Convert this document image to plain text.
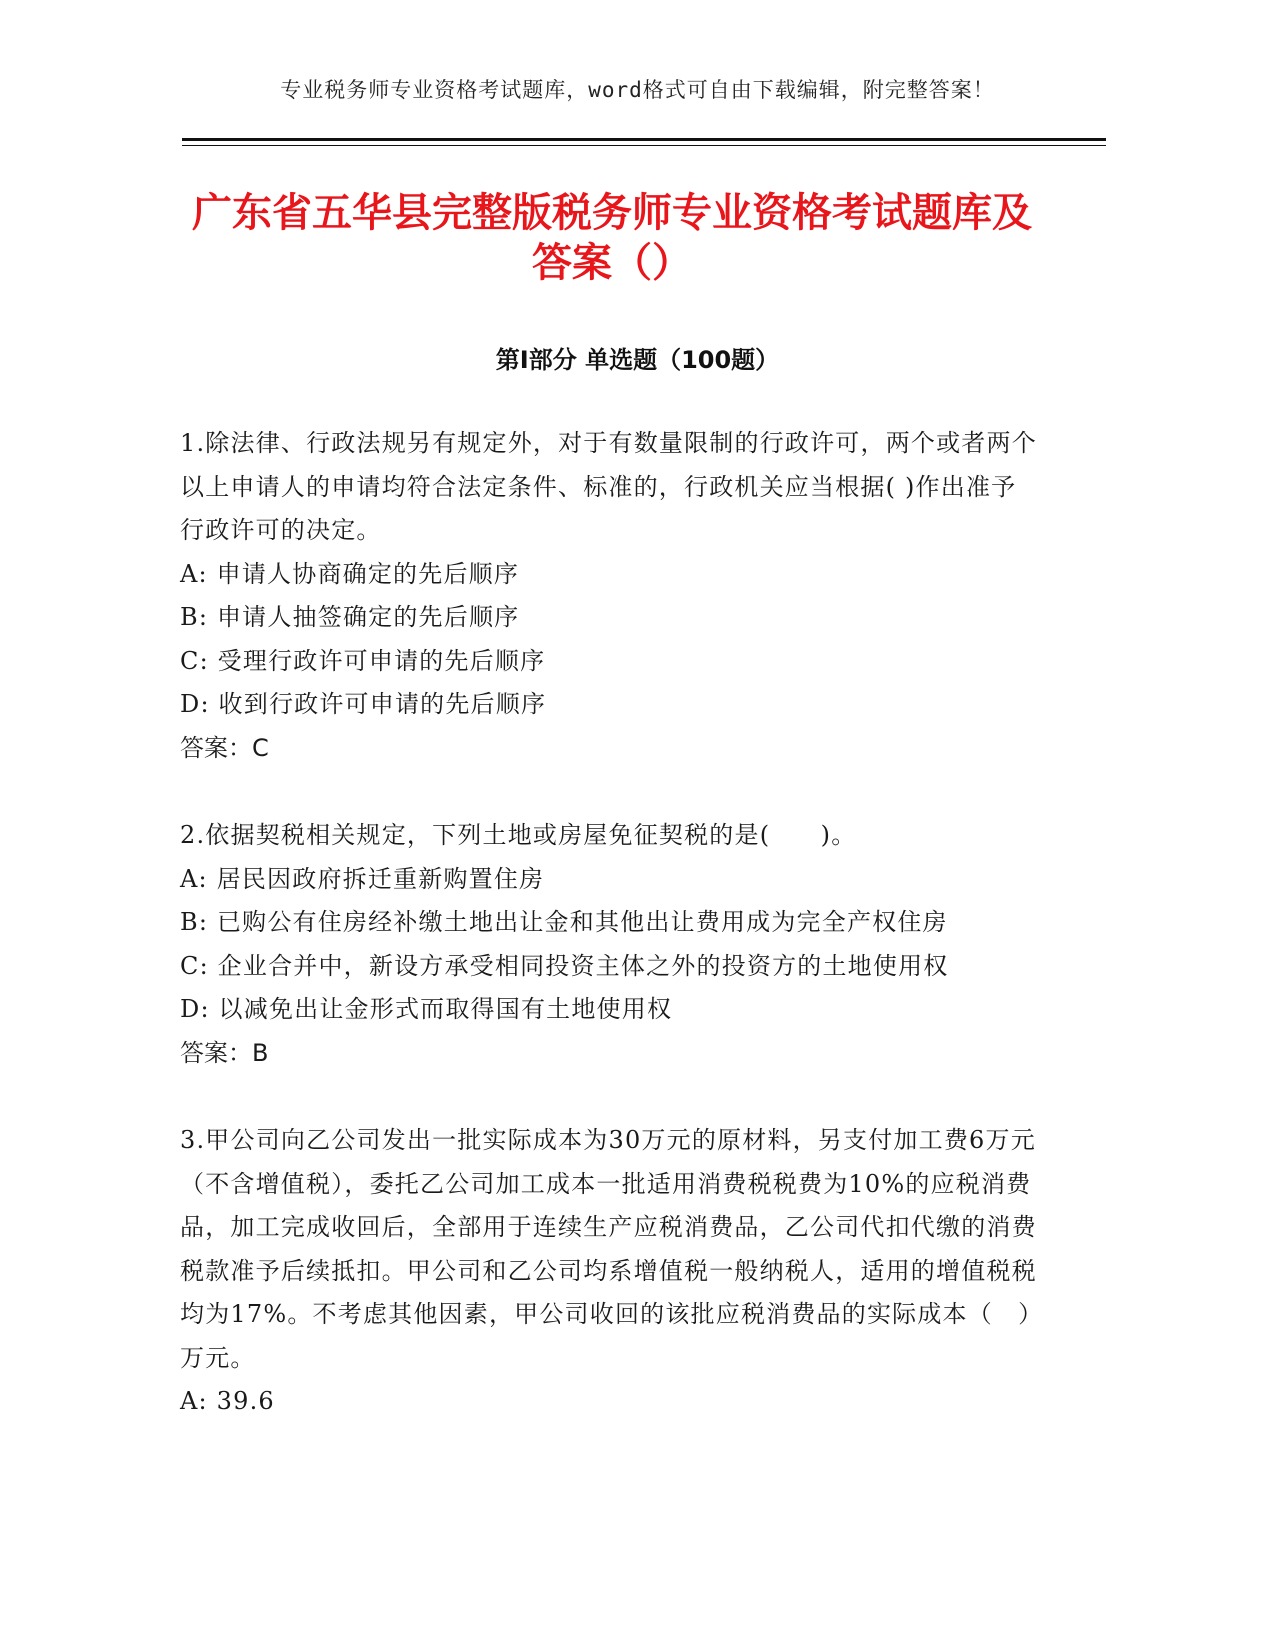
专业税务师专业资格考试题库，word格式可自由下载编辑，附完整答案！
广东省五华县完整版税务师专业资格考试题库及答案（）
第Ⅰ部分 单选题（100题）

1.除法律、行政法规另有规定外，对于有数量限制的行政许可，两个或者两个以上申请人的申请均符合法定条件、标准的，行政机关应当根据( )作出准予行政许可的决定。

A: 申请人协商确定的先后顺序

B: 申请人抽签确定的先后顺序

C: 受理行政许可申请的先后顺序

D: 收到行政许可申请的先后顺序

答案：C

2.依据契税相关规定，下列土地或房屋免征契税的是(　　)。

A: 居民因政府拆迁重新购置住房

B: 已购公有住房经补缴土地出让金和其他出让费用成为完全产权住房

C: 企业合并中，新设方承受相同投资主体之外的投资方的土地使用权

D: 以减免出让金形式而取得国有土地使用权

答案：B

3.甲公司向乙公司发出一批实际成本为30万元的原材料，另支付加工费6万元（不含增值税），委托乙公司加工成本一批适用消费税税费为10%的应税消费品，加工完成收回后，全部用于连续生产应税消费品，乙公司代扣代缴的消费税款准予后续抵扣。甲公司和乙公司均系增值税一般纳税人，适用的增值税税均为17%。不考虑其他因素，甲公司收回的该批应税消费品的实际成本（　）万元。

A: 39.6
